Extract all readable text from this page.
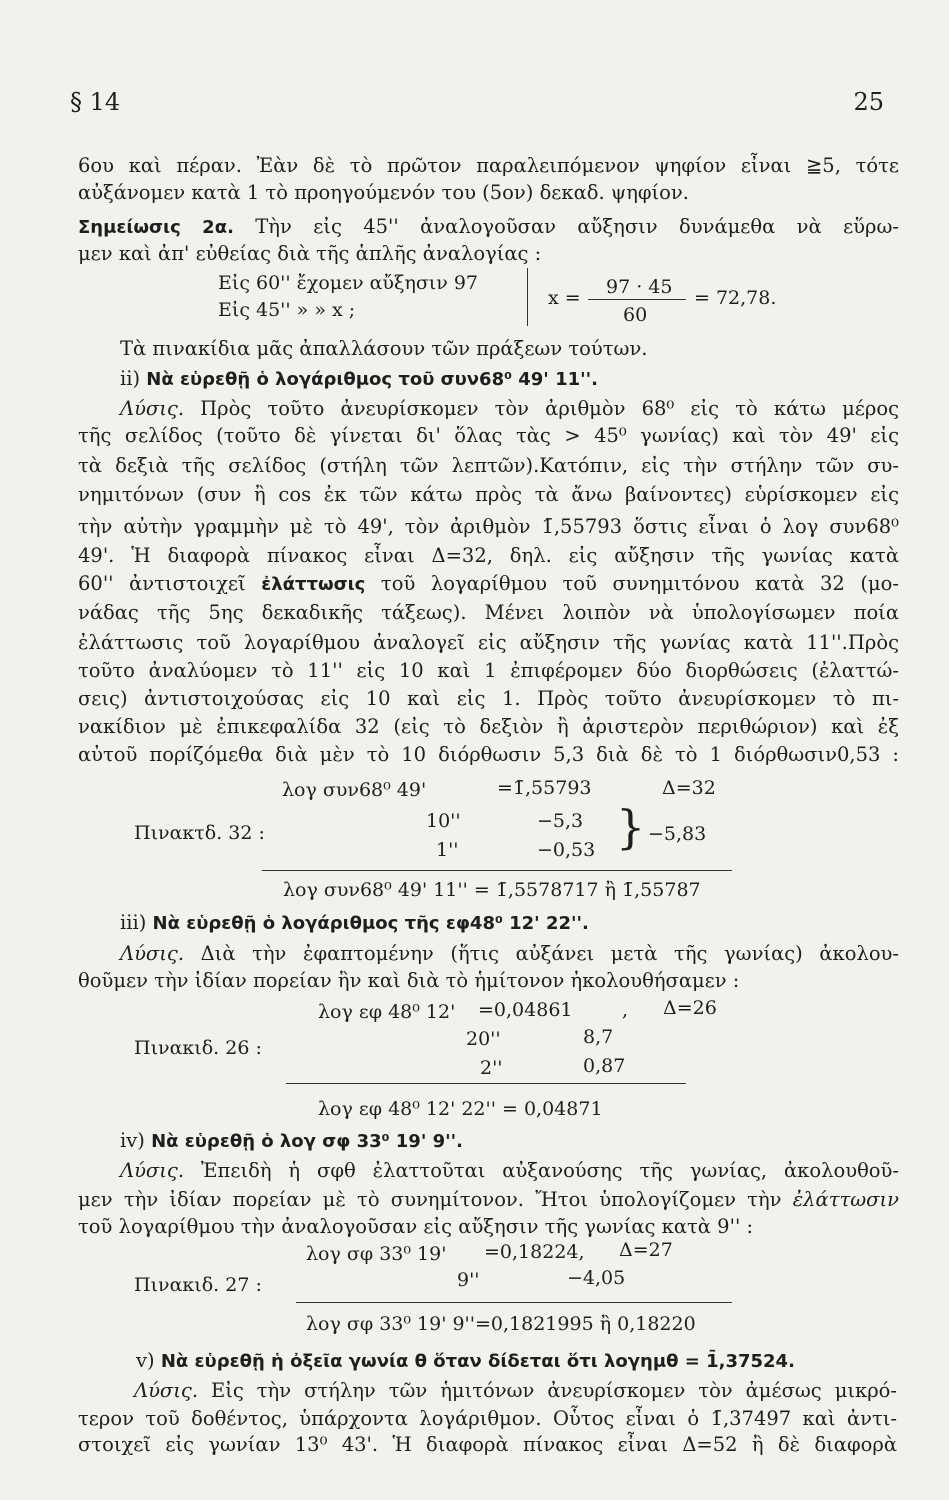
§ 14	25
6ου καὶ πέραν. Ἐὰν δὲ τὸ πρῶτον παραλειπόμενον ψηφίον εἶναι ≧5, τότε
αὐξάνομεν κατὰ 1 τὸ προηγούμενόν του (5ον) δεκαδ. ψηφίον.
Σημείωσις 2α. Τὴν εἰς 45'' ἀναλογοῦσαν αὔξησιν δυνάμεθα νὰ εὕρω-
μεν καὶ ἀπ' εὐθείας διὰ τῆς ἁπλῆς ἀναλογίας :
Εἰς 60'' ἔχομεν αὔξησιν 97
Εἰς 45'' » » x ;
x = 97 · 45
60
= 72,78.
Τὰ πινακίδια μᾶς ἀπαλλάσουν τῶν πράξεων τούτων.
ii) Νὰ εὑρεθῇ ὁ λογάριθμος τοῦ συν68⁰ 49' 11''.
Λύσις. Πρὸς τοῦτο ἀνευρίσκομεν τὸν ἀριθμὸν 68⁰ εἰς τὸ κάτω μέρος
τῆς σελίδος (τοῦτο δὲ γίνεται δι' ὅλας τὰς > 45⁰ γωνίας) καὶ τὸν 49' εἰς
τὰ δεξιὰ τῆς σελίδος (στήλη τῶν λεπτῶν).Κατόπιν, εἰς τὴν στήλην τῶν συ-
νημιτόνων (συν ἢ cos ἐκ τῶν κάτω πρὸς τὰ ἄνω βαίνοντες) εὑρίσκομεν εἰς
τὴν αὐτὴν γραμμὴν μὲ τὸ 49', τὸν ἀριθμὸν 1̄,55793 ὅστις εἶναι ὁ λογ συν68⁰
49'. Ἡ διαφορὰ πίνακος εἶναι Δ=32, δηλ. εἰς αὔξησιν τῆς γωνίας κατὰ
60'' ἀντιστοιχεῖ ἐλάττωσις τοῦ λογαρίθμου τοῦ συνημιτόνου κατὰ 32 (μο-
νάδας τῆς 5ης δεκαδικῆς τάξεως). Μένει λοιπὸν νὰ ὑπολογίσωμεν ποία
ἐλάττωσις τοῦ λογαρίθμου ἀναλογεῖ εἰς αὔξησιν τῆς γωνίας κατὰ 11''.Πρὸς
τοῦτο ἀναλύομεν τὸ 11'' εἰς 10 καὶ 1 ἐπιφέρομεν δύο διορθώσεις (ἐλαττώ-
σεις) ἀντιστοιχούσας εἰς 10 καὶ εἰς 1. Πρὸς τοῦτο ἀνευρίσκομεν τὸ πι-
νακίδιον μὲ ἐπικεφαλίδα 32 (εἰς τὸ δεξιὸν ἢ ἀριστερὸν περιθώριον) καὶ ἐξ
αὐτοῦ πορίζόμεθα διὰ μὲν τὸ 10 διόρθωσιν 5,3 διὰ δὲ τὸ 1 διόρθωσιν0,53 :
λογ συν68⁰ 49'	=1̄,55793	Δ=32
Πινακτδ. 32 :
10''	−5,3
1''	−0,53 } −5,83
λογ συν68⁰ 49' 11'' = 1̄,5578717 ἢ 1̄,55787
iii) Νὰ εὑρεθῇ ὁ λογάριθμος τῆς εφ48⁰ 12' 22''.
Λύσις. Διὰ τὴν ἐφαπτομένην (ἥτις αὐξάνει μετὰ τῆς γωνίας) ἀκολου-
θοῦμεν τὴν ἰδίαν πορείαν ἣν καὶ διὰ τὸ ἡμίτονον ἠκολουθήσαμεν :
λογ εφ 48⁰ 12' =0,04861	, Δ=26
Πινακιδ. 26 :	20''	8,7
2''	0,87
λογ εφ 48⁰ 12' 22'' = 0,04871
iv) Νὰ εὑρεθῇ ὁ λογ σφ 33⁰ 19' 9''.
Λύσις. Ἐπειδὴ ἡ σφθ ἐλαττοῦται αὐξανούσης τῆς γωνίας, ἀκολουθοῦ-
μεν τὴν ἰδίαν πορείαν μὲ τὸ συνημίτονον. Ἤτοι ὑπολογίζομεν τὴν ἐλάττωσιν
τοῦ λογαρίθμου τὴν ἀναλογοῦσαν εἰς αὔξησιν τῆς γωνίας κατὰ 9'' :
λογ σφ 33⁰ 19' =0,18224, Δ=27
Πινακιδ. 27 :	9''	−4,05
λογ σφ 33⁰ 19' 9''=0,1821995 ἢ 0,18220
v) Νὰ εὑρεθῇ ἡ ὀξεῖα γωνία θ ὅταν δίδεται ὅτι λογημθ = 1̄,37524.
Λύσις. Εἰς τὴν στήλην τῶν ἡμιτόνων ἀνευρίσκομεν τὸν ἀμέσως μικρό-
τερον τοῦ δοθέντος, ὑπάρχοντα λογάριθμον. Οὗτος εἶναι ὁ 1̄,37497 καὶ ἀντι-
στοιχεῖ εἰς γωνίαν 13⁰ 43'. Ἡ διαφορὰ πίνακος εἶναι Δ=52 ἢ δὲ διαφορὰ
